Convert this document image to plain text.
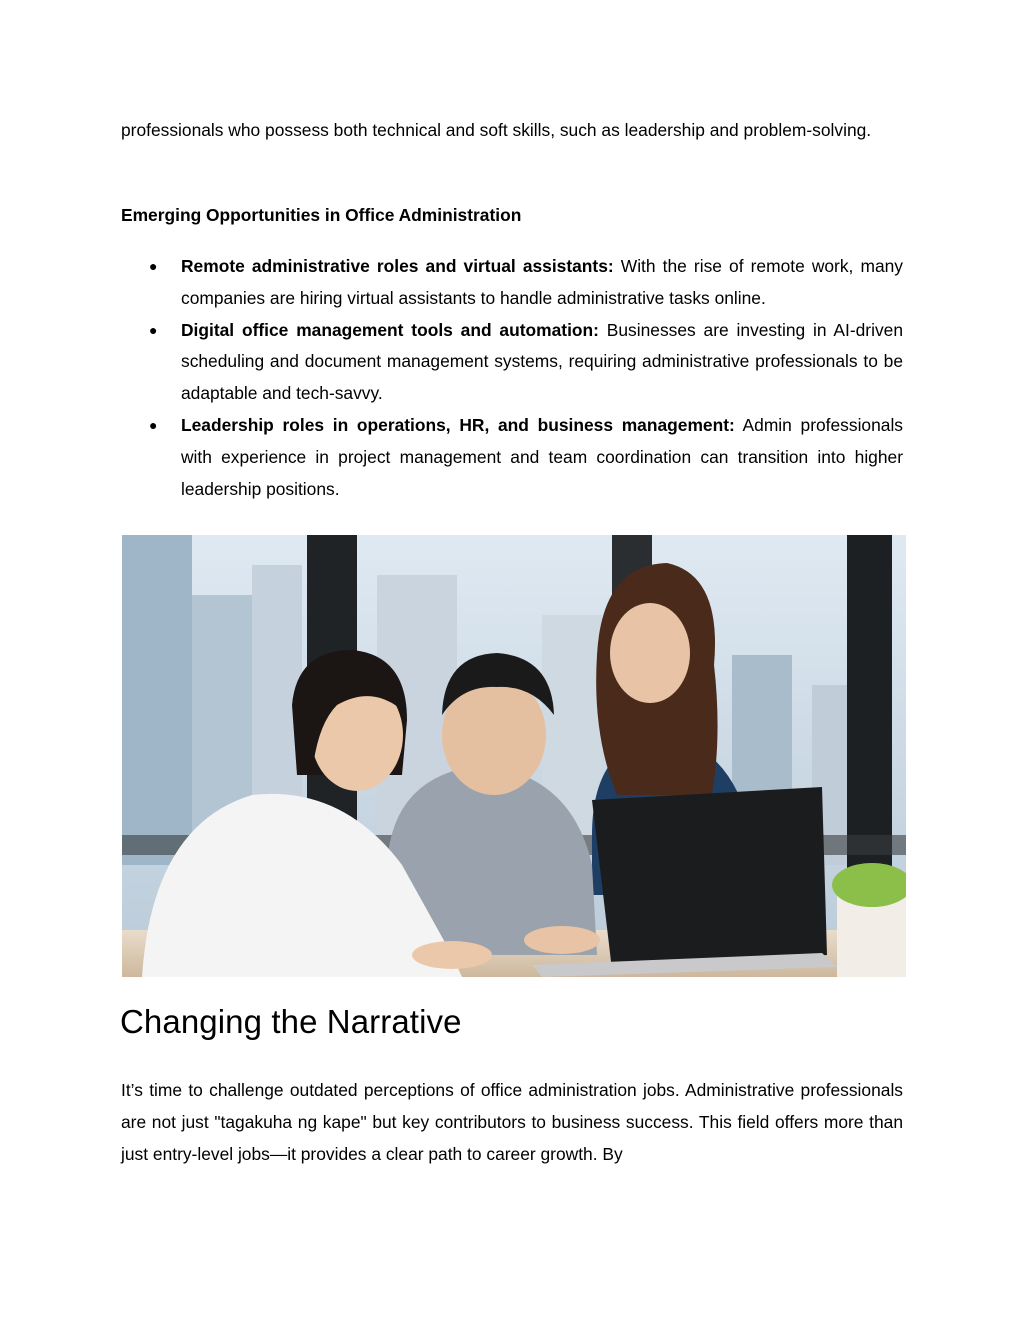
professionals who possess both technical and soft skills, such as leadership and problem-solving.

Emerging Opportunities in Office Administration

● Remote administrative roles and virtual assistants: With the rise of remote work, many companies are hiring virtual assistants to handle administrative tasks online.
● Digital office management tools and automation: Businesses are investing in AI-driven scheduling and document management systems, requiring administrative professionals to be adaptable and tech-savvy.
● Leadership roles in operations, HR, and business management: Admin professionals with experience in project management and team coordination can transition into higher leadership positions.
Changing the Narrative

It’s time to challenge outdated perceptions of office administration jobs. Administrative professionals are not just "tagakuha ng kape" but key contributors to business success. This field offers more than just entry-level jobs—it provides a clear path to career growth. By
